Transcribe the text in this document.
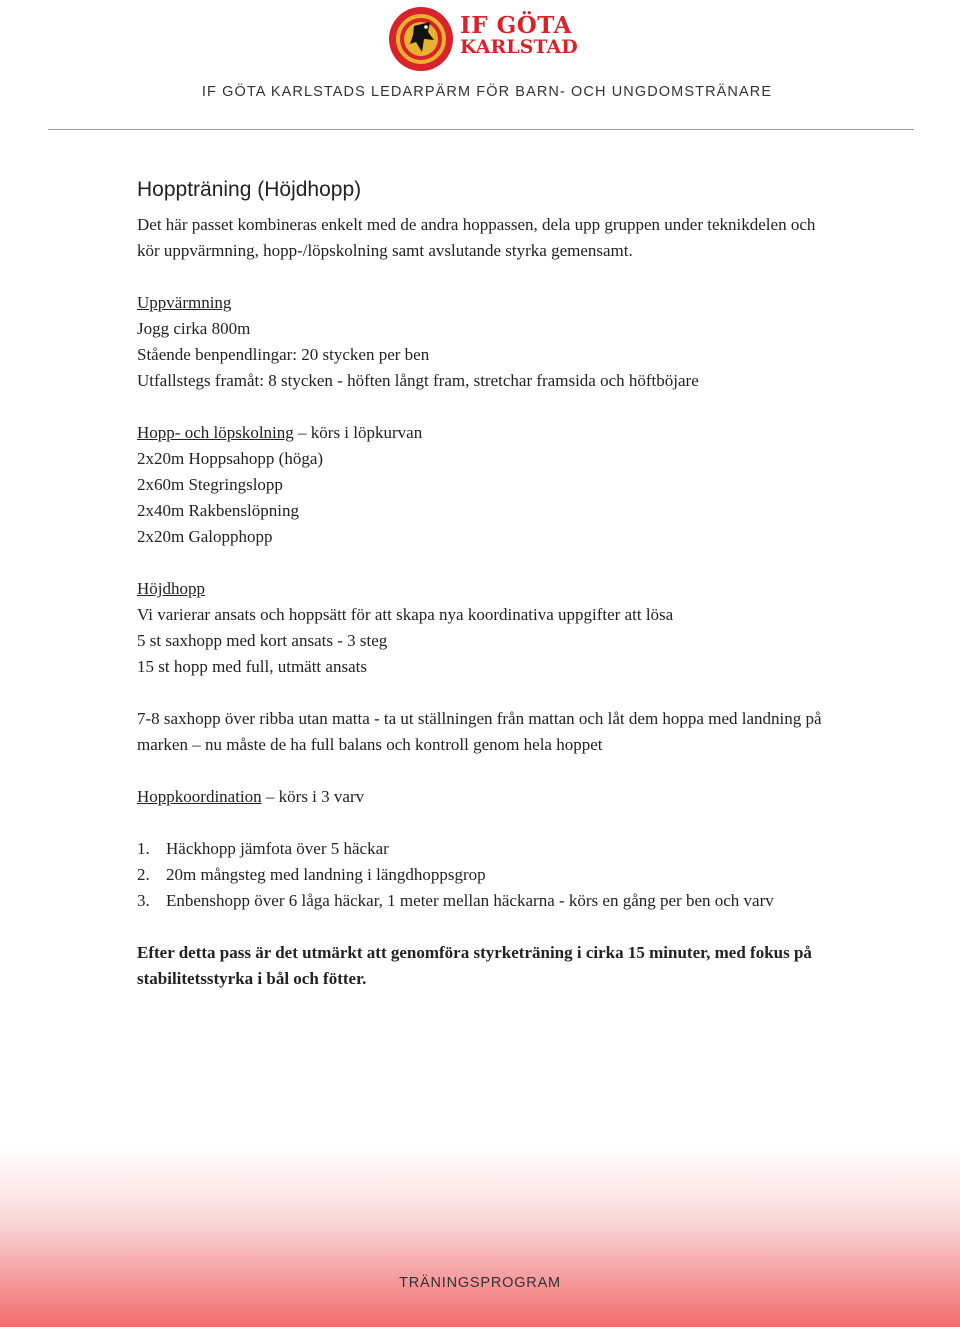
IF GÖTA
KARLSTAD
IF GÖTA KARLSTADS LEDARPÄRM FÖR BARN- OCH UNGDOMSTRÄNARE
Hoppträning (Höjdhopp)

Det här passet kombineras enkelt med de andra hoppassen, dela upp gruppen under teknikdelen och kör uppvärmning, hopp-/löpskolning samt avslutande styrka gemensamt.

Uppvärmning
Jogg cirka 800m
Stående benpendlingar: 20 stycken per ben
Utfallstegs framåt: 8 stycken - höften långt fram, stretchar framsida och höftböjare
Hopp- och löpskolning – körs i löpkurvan
2x20m Hoppsahopp (höga)
2x60m Stegringslopp
2x40m Rakbenslöpning
2x20m Galopphopp
Höjdhopp
Vi varierar ansats och hoppsätt för att skapa nya koordinativa uppgifter att lösa
5 st saxhopp med kort ansats - 3 steg
15 st hopp med full, utmätt ansats

7-8 saxhopp över ribba utan matta - ta ut ställningen från mattan och låt dem hoppa med landning på marken – nu måste de ha full balans och kontroll genom hela hoppet

Hoppkoordination – körs i 3 varv
1. Häckhopp jämfota över 5 häckar
2. 20m mångsteg med landning i längdhoppsgrop
3. Enbenshopp över 6 låga häckar, 1 meter mellan häckarna - körs en gång per ben och varv

Efter detta pass är det utmärkt att genomföra styrketräning i cirka 15 minuter, med fokus på stabilitetsstyrka i bål och fötter.

TRÄNINGSPROGRAM
